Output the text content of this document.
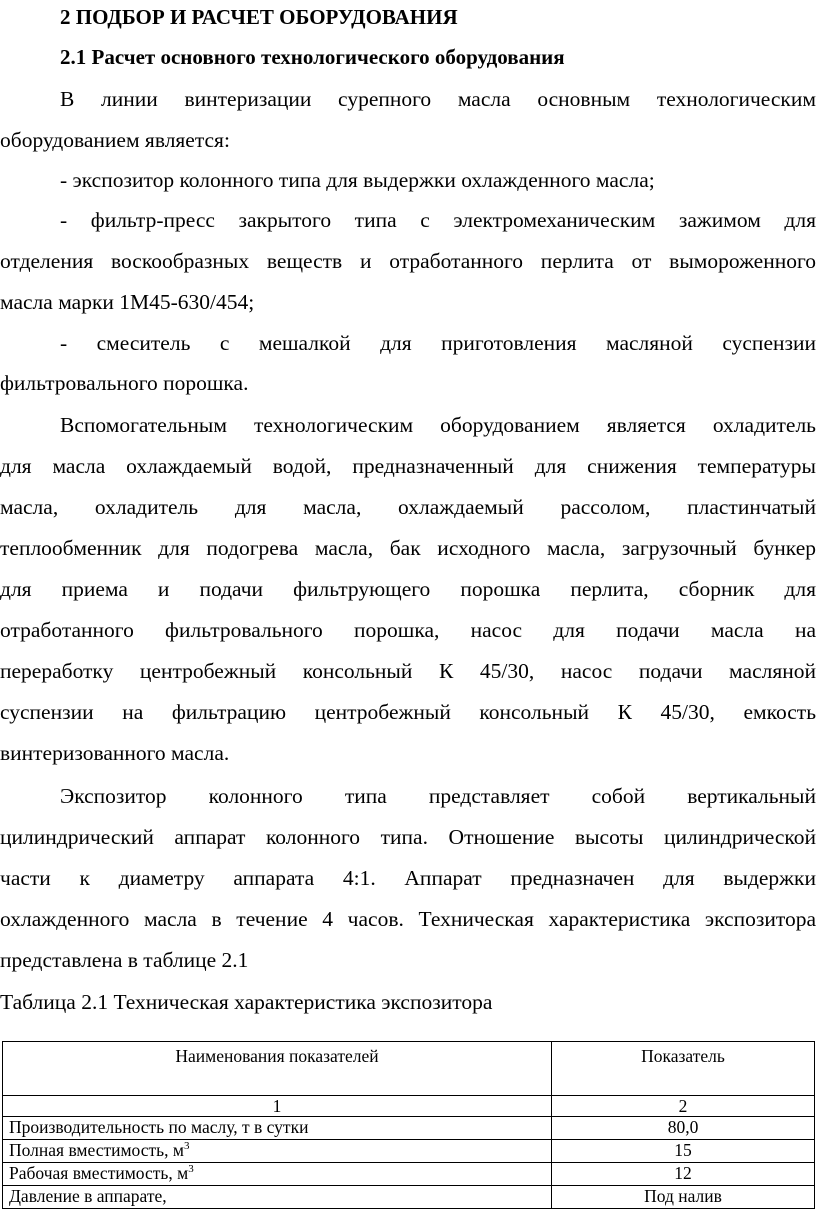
2 ПОДБОР И РАСЧЕТ ОБОРУДОВАНИЯ
2.1 Расчет основного технологического оборудования
В линии винтеризации сурепного масла основным технологическим
оборудованием является:
- экспозитор колонного типа для выдержки охлажденного масла;
- фильтр-пресс закрытого типа с электромеханическим зажимом для
отделения воскообразных веществ и отработанного перлита от вымороженного
масла марки 1М45-630/454;
- смеситель с мешалкой для приготовления масляной суспензии
фильтровального порошка.
Вспомогательным технологическим оборудованием является охладитель
для масла охлаждаемый водой, предназначенный для снижения температуры
масла, охладитель для масла, охлаждаемый рассолом, пластинчатый
теплообменник для подогрева масла, бак исходного масла, загрузочный бункер
для приема и подачи фильтрующего порошка перлита, сборник для
отработанного фильтровального порошка, насос для подачи масла на
переработку центробежный консольный К 45/30, насос подачи масляной
суспензии на фильтрацию центробежный консольный К 45/30, емкость
винтеризованного масла.
Экспозитор колонного типа представляет собой вертикальный
цилиндрический аппарат колонного типа. Отношение высоты цилиндрической
части к диаметру аппарата 4:1. Аппарат предназначен для выдержки
охлажденного масла в течение 4 часов. Техническая характеристика экспозитора
представлена в таблице 2.1
Таблица 2.1 Техническая характеристика экспозитора
Наименования показателей	Показатель
1	2
Производительность по маслу, т в сутки	80,0
Полная вместимость, $м^3$	15
Рабочая вместимость, $м^3$	12
Давление в аппарате,	Под налив
